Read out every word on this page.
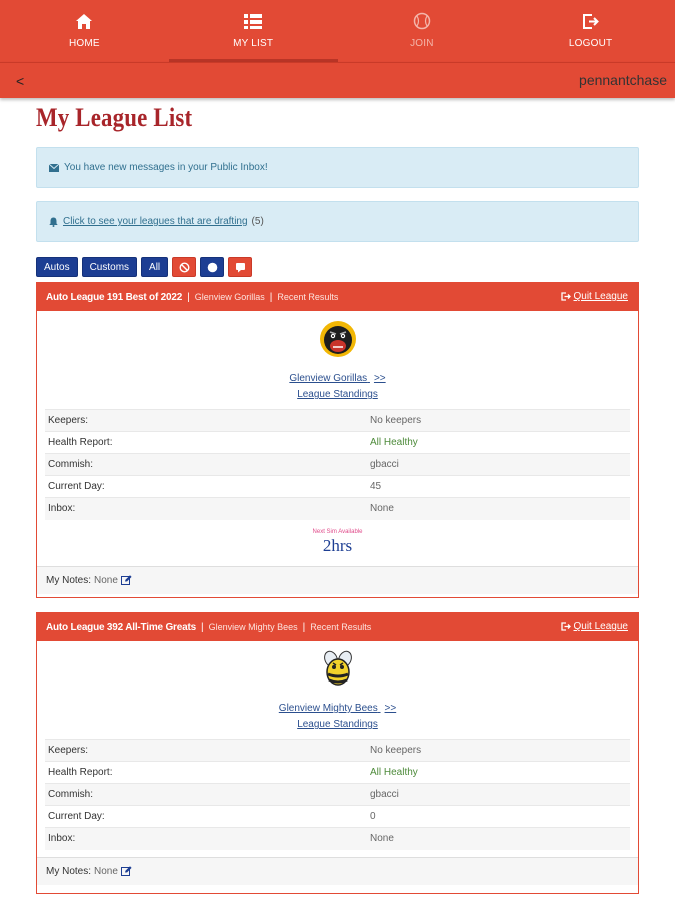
HOME	MY LIST	JOIN	LOGOUT
<	pennantchase
My League List
You have new messages in your Public Inbox!
Click to see your leagues that are drafting (5)
Autos	Customs	All
Auto League 191 Best of 2022 | Glenview Gorillas | Recent Results	Quit League
Glenview Gorillas >>
League Standings
Keepers:	No keepers
Health Report:	All Healthy
Commish:	gbacci
Current Day:	45
Inbox:	None
Next Sim Available
2hrs
My Notes: None
Auto League 392 All-Time Greats | Glenview Mighty Bees | Recent Results	Quit League
Glenview Mighty Bees >>
League Standings
Keepers:	No keepers
Health Report:	All Healthy
Commish:	gbacci
Current Day:	0
Inbox:	None
My Notes: None
